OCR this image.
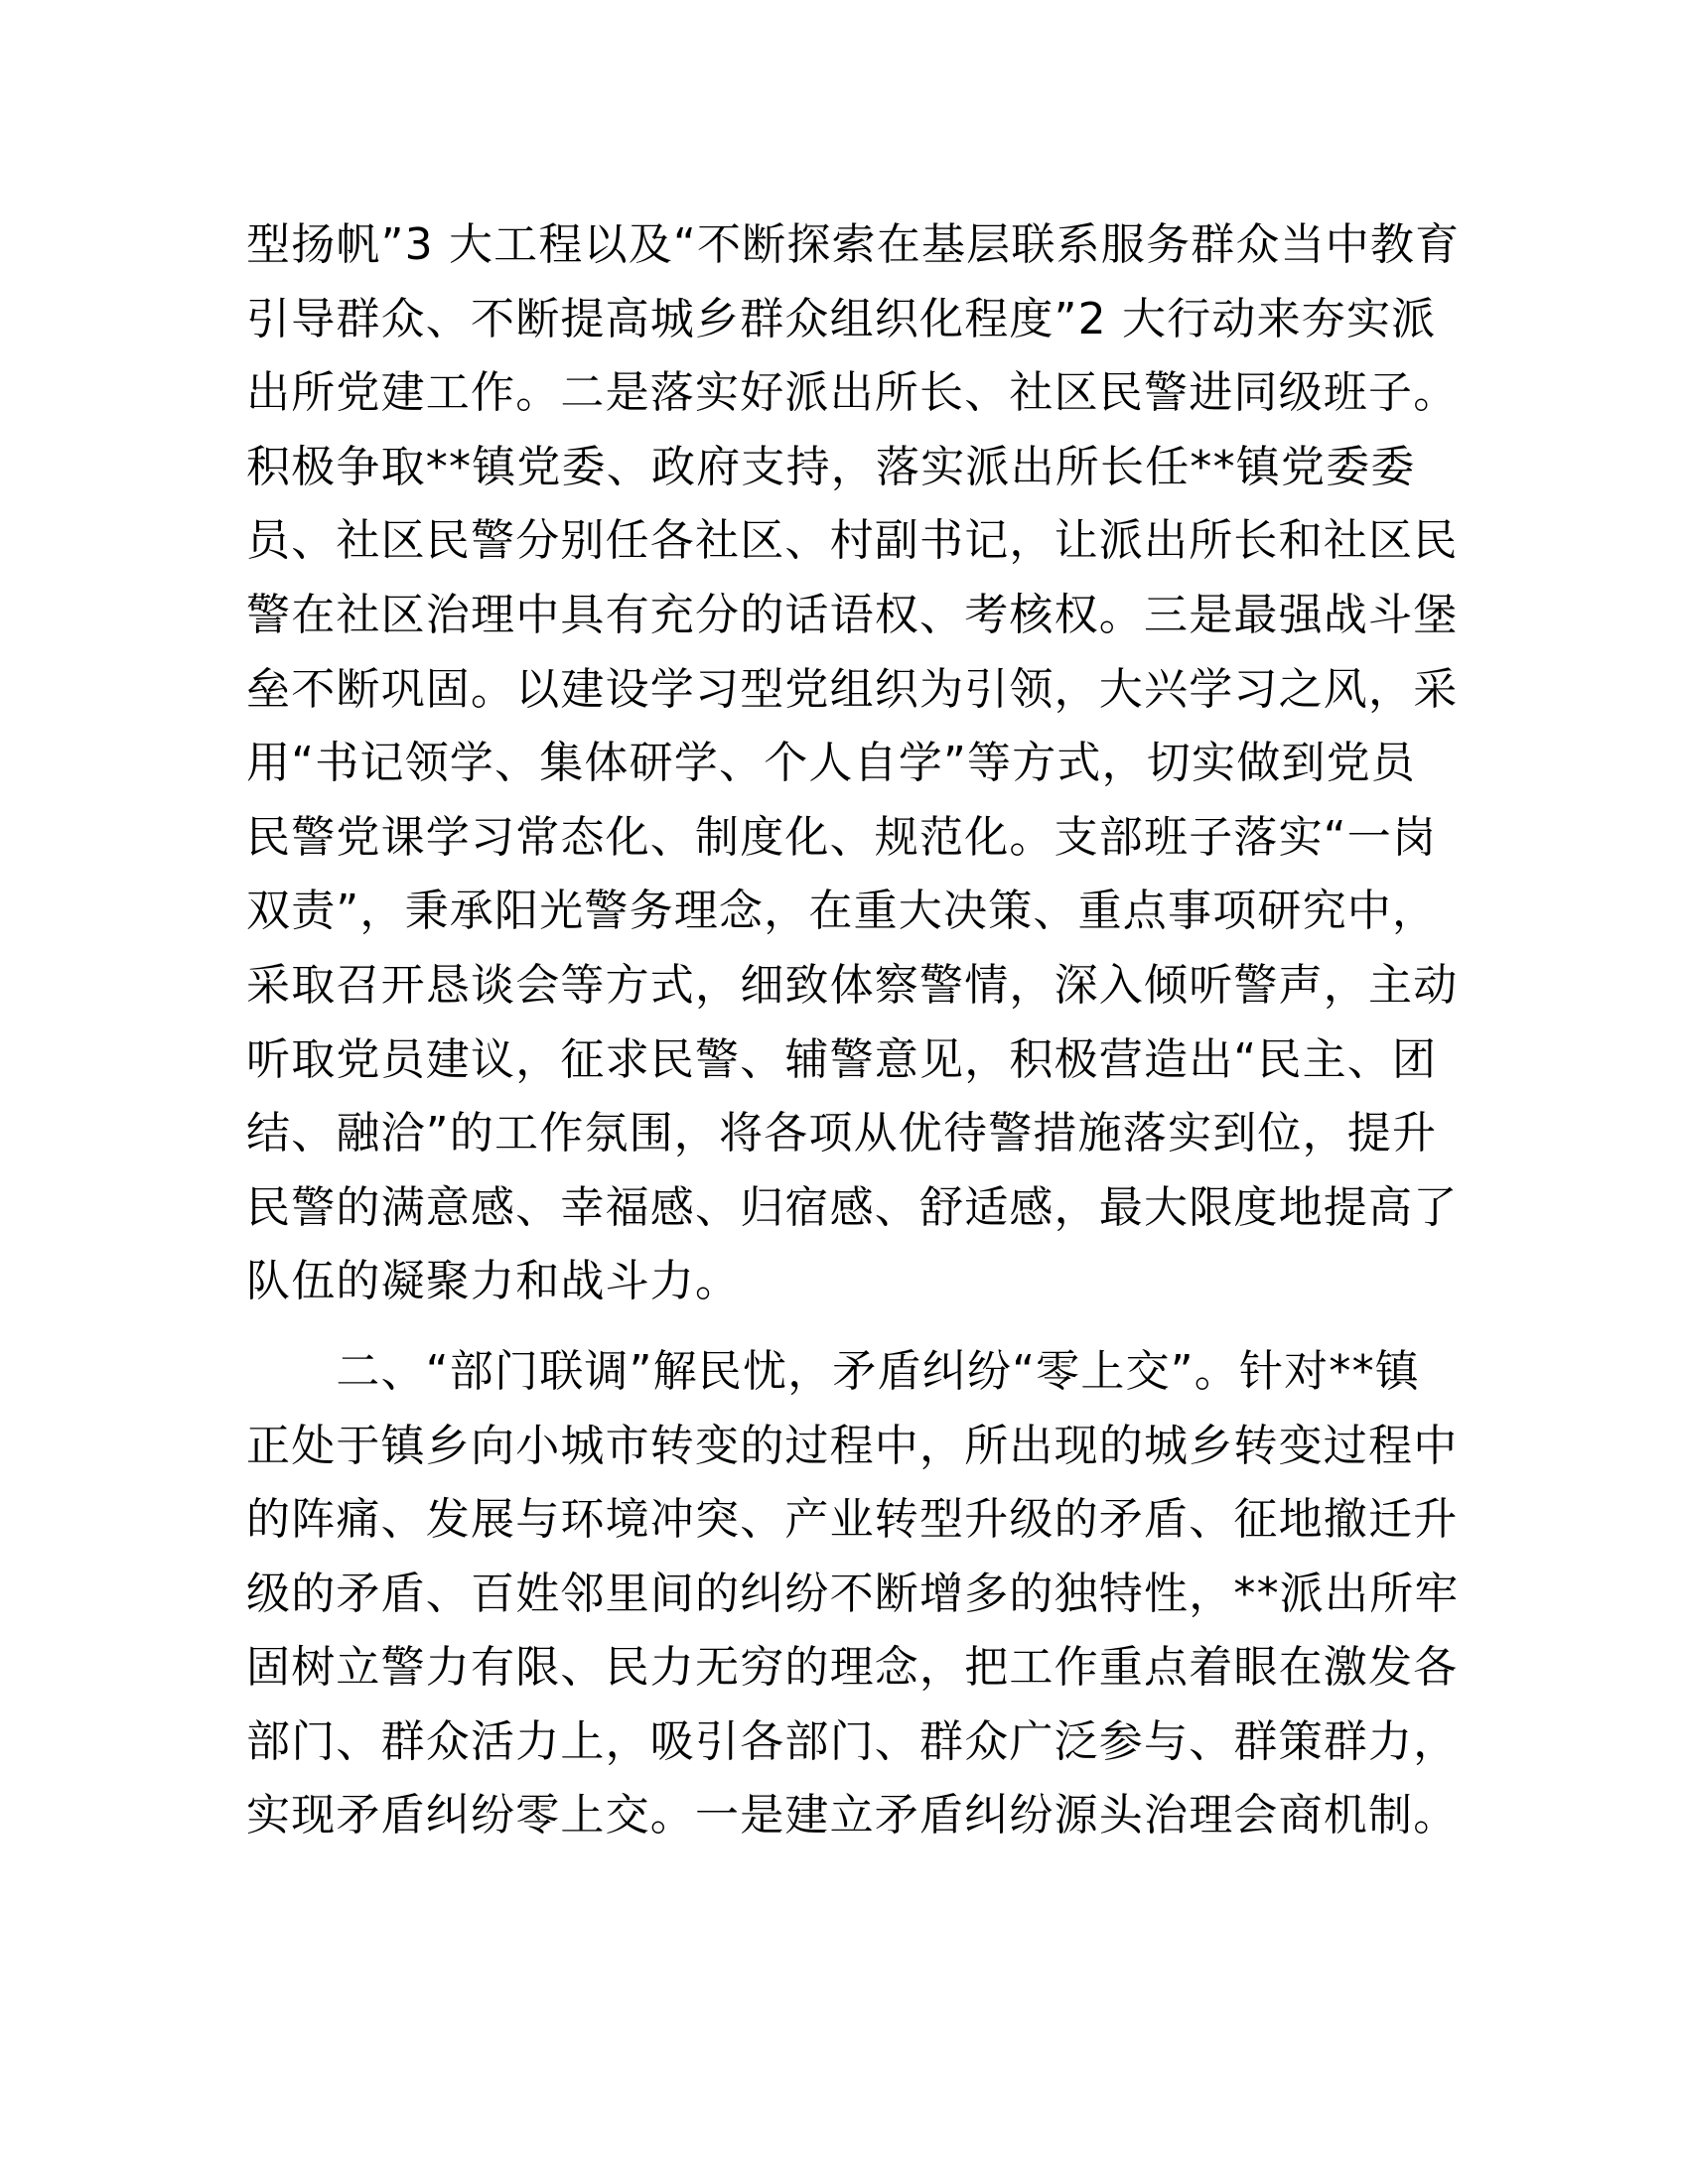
型扬帆”3 大工程以及“不断探索在基层联系服务群众当中教育
引导群众、不断提高城乡群众组织化程度”2 大行动来夯实派
出所党建工作。二是落实好派出所长、社区民警进同级班子。
积极争取**镇党委、政府支持，落实派出所长任**镇党委委
员、社区民警分别任各社区、村副书记，让派出所长和社区民
警在社区治理中具有充分的话语权、考核权。三是最强战斗堡
垒不断巩固。以建设学习型党组织为引领，大兴学习之风，采
用“书记领学、集体研学、个人自学”等方式，切实做到党员
民警党课学习常态化、制度化、规范化。支部班子落实“一岗
双责”，秉承阳光警务理念，在重大决策、重点事项研究中，
采取召开恳谈会等方式，细致体察警情，深入倾听警声，主动
听取党员建议，征求民警、辅警意见，积极营造出“民主、团
结、融洽”的工作氛围，将各项从优待警措施落实到位，提升
民警的满意感、幸福感、归宿感、舒适感，最大限度地提高了
队伍的凝聚力和战斗力。

　　二、“部门联调”解民忧，矛盾纠纷“零上交”。针对**镇
正处于镇乡向小城市转变的过程中，所出现的城乡转变过程中
的阵痛、发展与环境冲突、产业转型升级的矛盾、征地撤迁升
级的矛盾、百姓邻里间的纠纷不断增多的独特性，**派出所牢
固树立警力有限、民力无穷的理念，把工作重点着眼在激发各
部门、群众活力上，吸引各部门、群众广泛参与、群策群力，
实现矛盾纠纷零上交。一是建立矛盾纠纷源头治理会商机制。
